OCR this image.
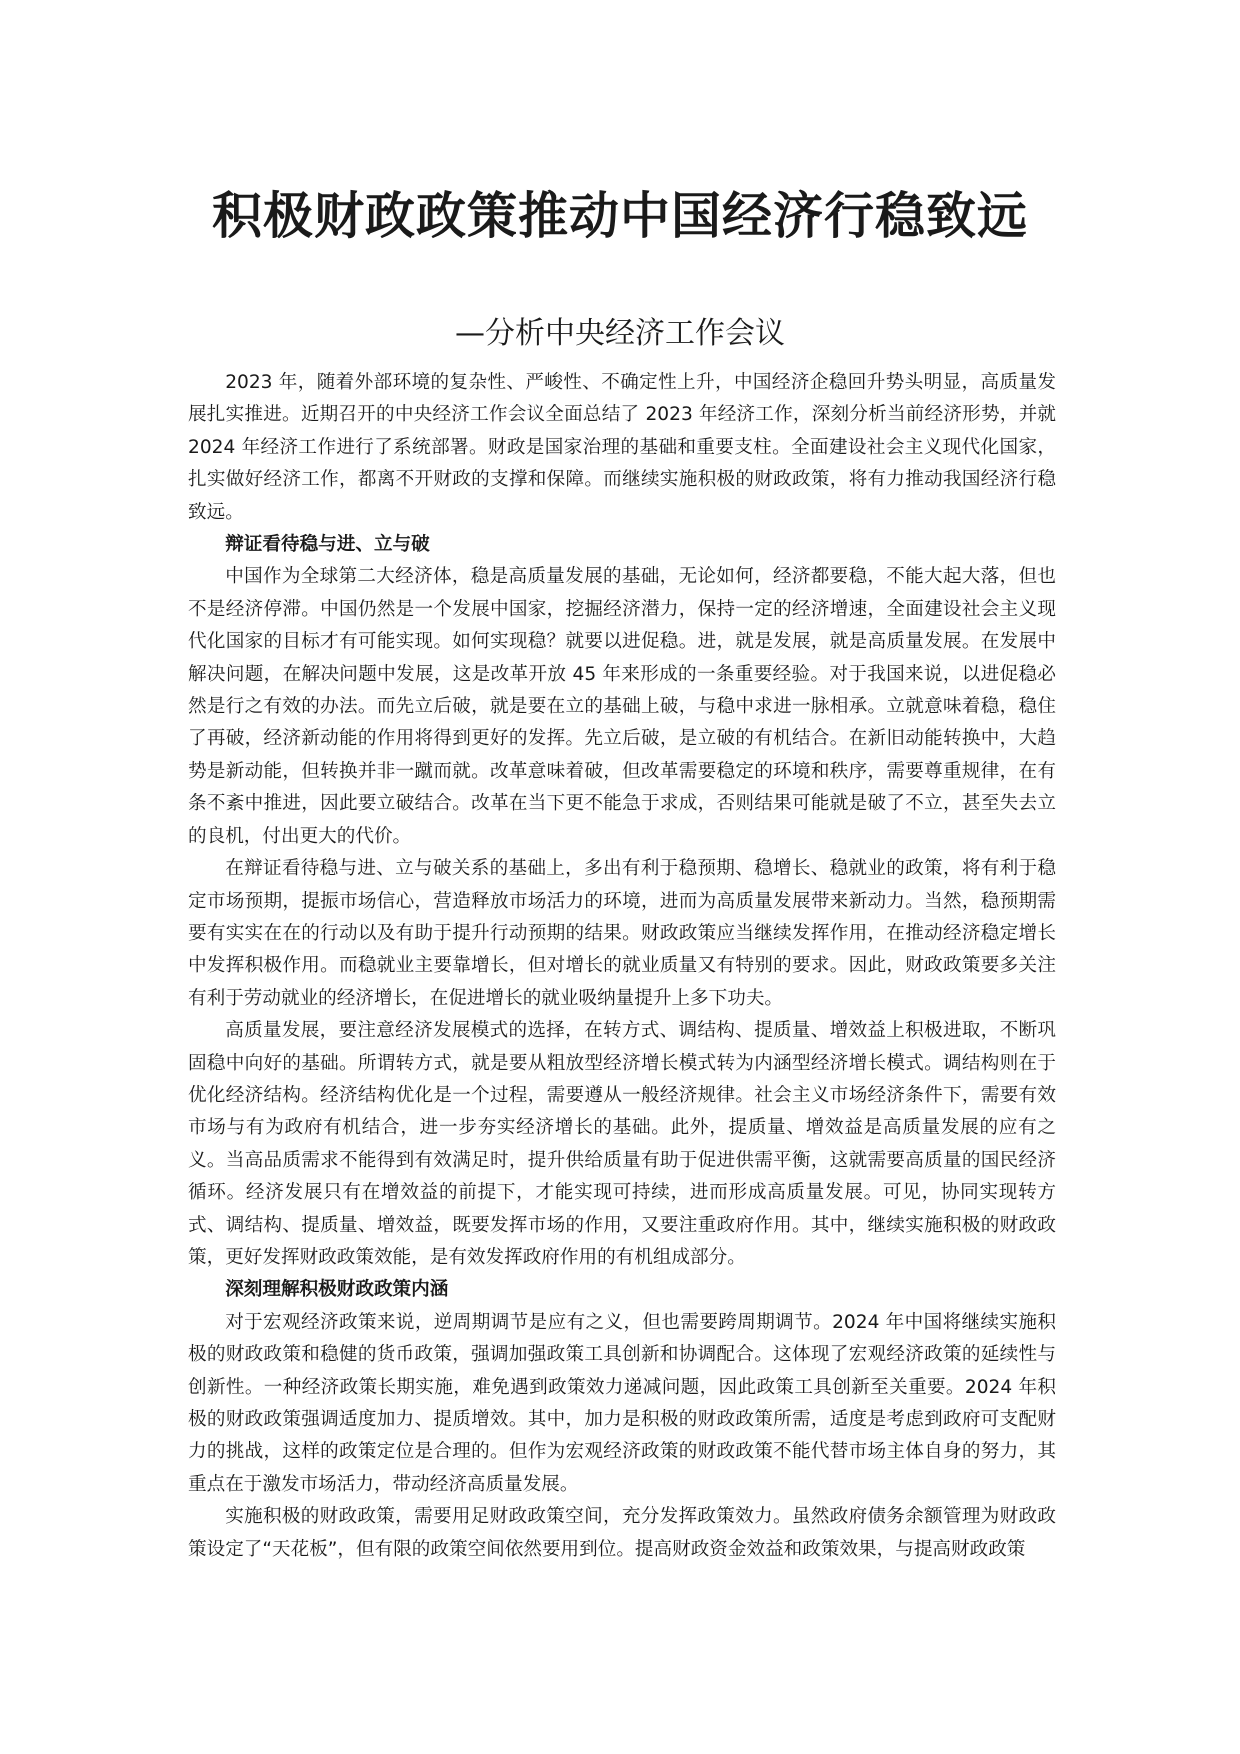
积极财政政策推动中国经济行稳致远
—分析中央经济工作会议

2023 年，随着外部环境的复杂性、严峻性、不确定性上升，中国经济企稳回升势头明显，高质量发展扎实推进。近期召开的中央经济工作会议全面总结了 2023 年经济工作，深刻分析当前经济形势，并就 2024 年经济工作进行了系统部署。财政是国家治理的基础和重要支柱。全面建设社会主义现代化国家，扎实做好经济工作，都离不开财政的支撑和保障。而继续实施积极的财政政策，将有力推动我国经济行稳致远。

辩证看待稳与进、立与破

中国作为全球第二大经济体，稳是高质量发展的基础，无论如何，经济都要稳，不能大起大落，但也不是经济停滞。中国仍然是一个发展中国家，挖掘经济潜力，保持一定的经济增速，全面建设社会主义现代化国家的目标才有可能实现。如何实现稳？就要以进促稳。进，就是发展，就是高质量发展。在发展中解决问题，在解决问题中发展，这是改革开放 45 年来形成的一条重要经验。对于我国来说，以进促稳必然是行之有效的办法。而先立后破，就是要在立的基础上破，与稳中求进一脉相承。立就意味着稳，稳住了再破，经济新动能的作用将得到更好的发挥。先立后破，是立破的有机结合。在新旧动能转换中，大趋势是新动能，但转换并非一蹴而就。改革意味着破，但改革需要稳定的环境和秩序，需要尊重规律，在有条不紊中推进，因此要立破结合。改革在当下更不能急于求成，否则结果可能就是破了不立，甚至失去立的良机，付出更大的代价。

在辩证看待稳与进、立与破关系的基础上，多出有利于稳预期、稳增长、稳就业的政策，将有利于稳定市场预期，提振市场信心，营造释放市场活力的环境，进而为高质量发展带来新动力。当然，稳预期需要有实实在在的行动以及有助于提升行动预期的结果。财政政策应当继续发挥作用，在推动经济稳定增长中发挥积极作用。而稳就业主要靠增长，但对增长的就业质量又有特别的要求。因此，财政政策要多关注有利于劳动就业的经济增长，在促进增长的就业吸纳量提升上多下功夫。

高质量发展，要注意经济发展模式的选择，在转方式、调结构、提质量、增效益上积极进取，不断巩固稳中向好的基础。所谓转方式，就是要从粗放型经济增长模式转为内涵型经济增长模式。调结构则在于优化经济结构。经济结构优化是一个过程，需要遵从一般经济规律。社会主义市场经济条件下，需要有效市场与有为政府有机结合，进一步夯实经济增长的基础。此外，提质量、增效益是高质量发展的应有之义。当高品质需求不能得到有效满足时，提升供给质量有助于促进供需平衡，这就需要高质量的国民经济循环。经济发展只有在增效益的前提下，才能实现可持续，进而形成高质量发展。可见，协同实现转方式、调结构、提质量、增效益，既要发挥市场的作用，又要注重政府作用。其中，继续实施积极的财政政策，更好发挥财政政策效能，是有效发挥政府作用的有机组成部分。

深刻理解积极财政政策内涵

对于宏观经济政策来说，逆周期调节是应有之义，但也需要跨周期调节。2024 年中国将继续实施积极的财政政策和稳健的货币政策，强调加强政策工具创新和协调配合。这体现了宏观经济政策的延续性与创新性。一种经济政策长期实施，难免遇到政策效力递减问题，因此政策工具创新至关重要。2024 年积极的财政政策强调适度加力、提质增效。其中，加力是积极的财政政策所需，适度是考虑到政府可支配财力的挑战，这样的政策定位是合理的。但作为宏观经济政策的财政政策不能代替市场主体自身的努力，其重点在于激发市场活力，带动经济高质量发展。

实施积极的财政政策，需要用足财政政策空间，充分发挥政策效力。虽然政府债务余额管理为财政政策设定了“天花板”，但有限的政策空间依然要用到位。提高财政资金效益和政策效果，与提高财政政策
